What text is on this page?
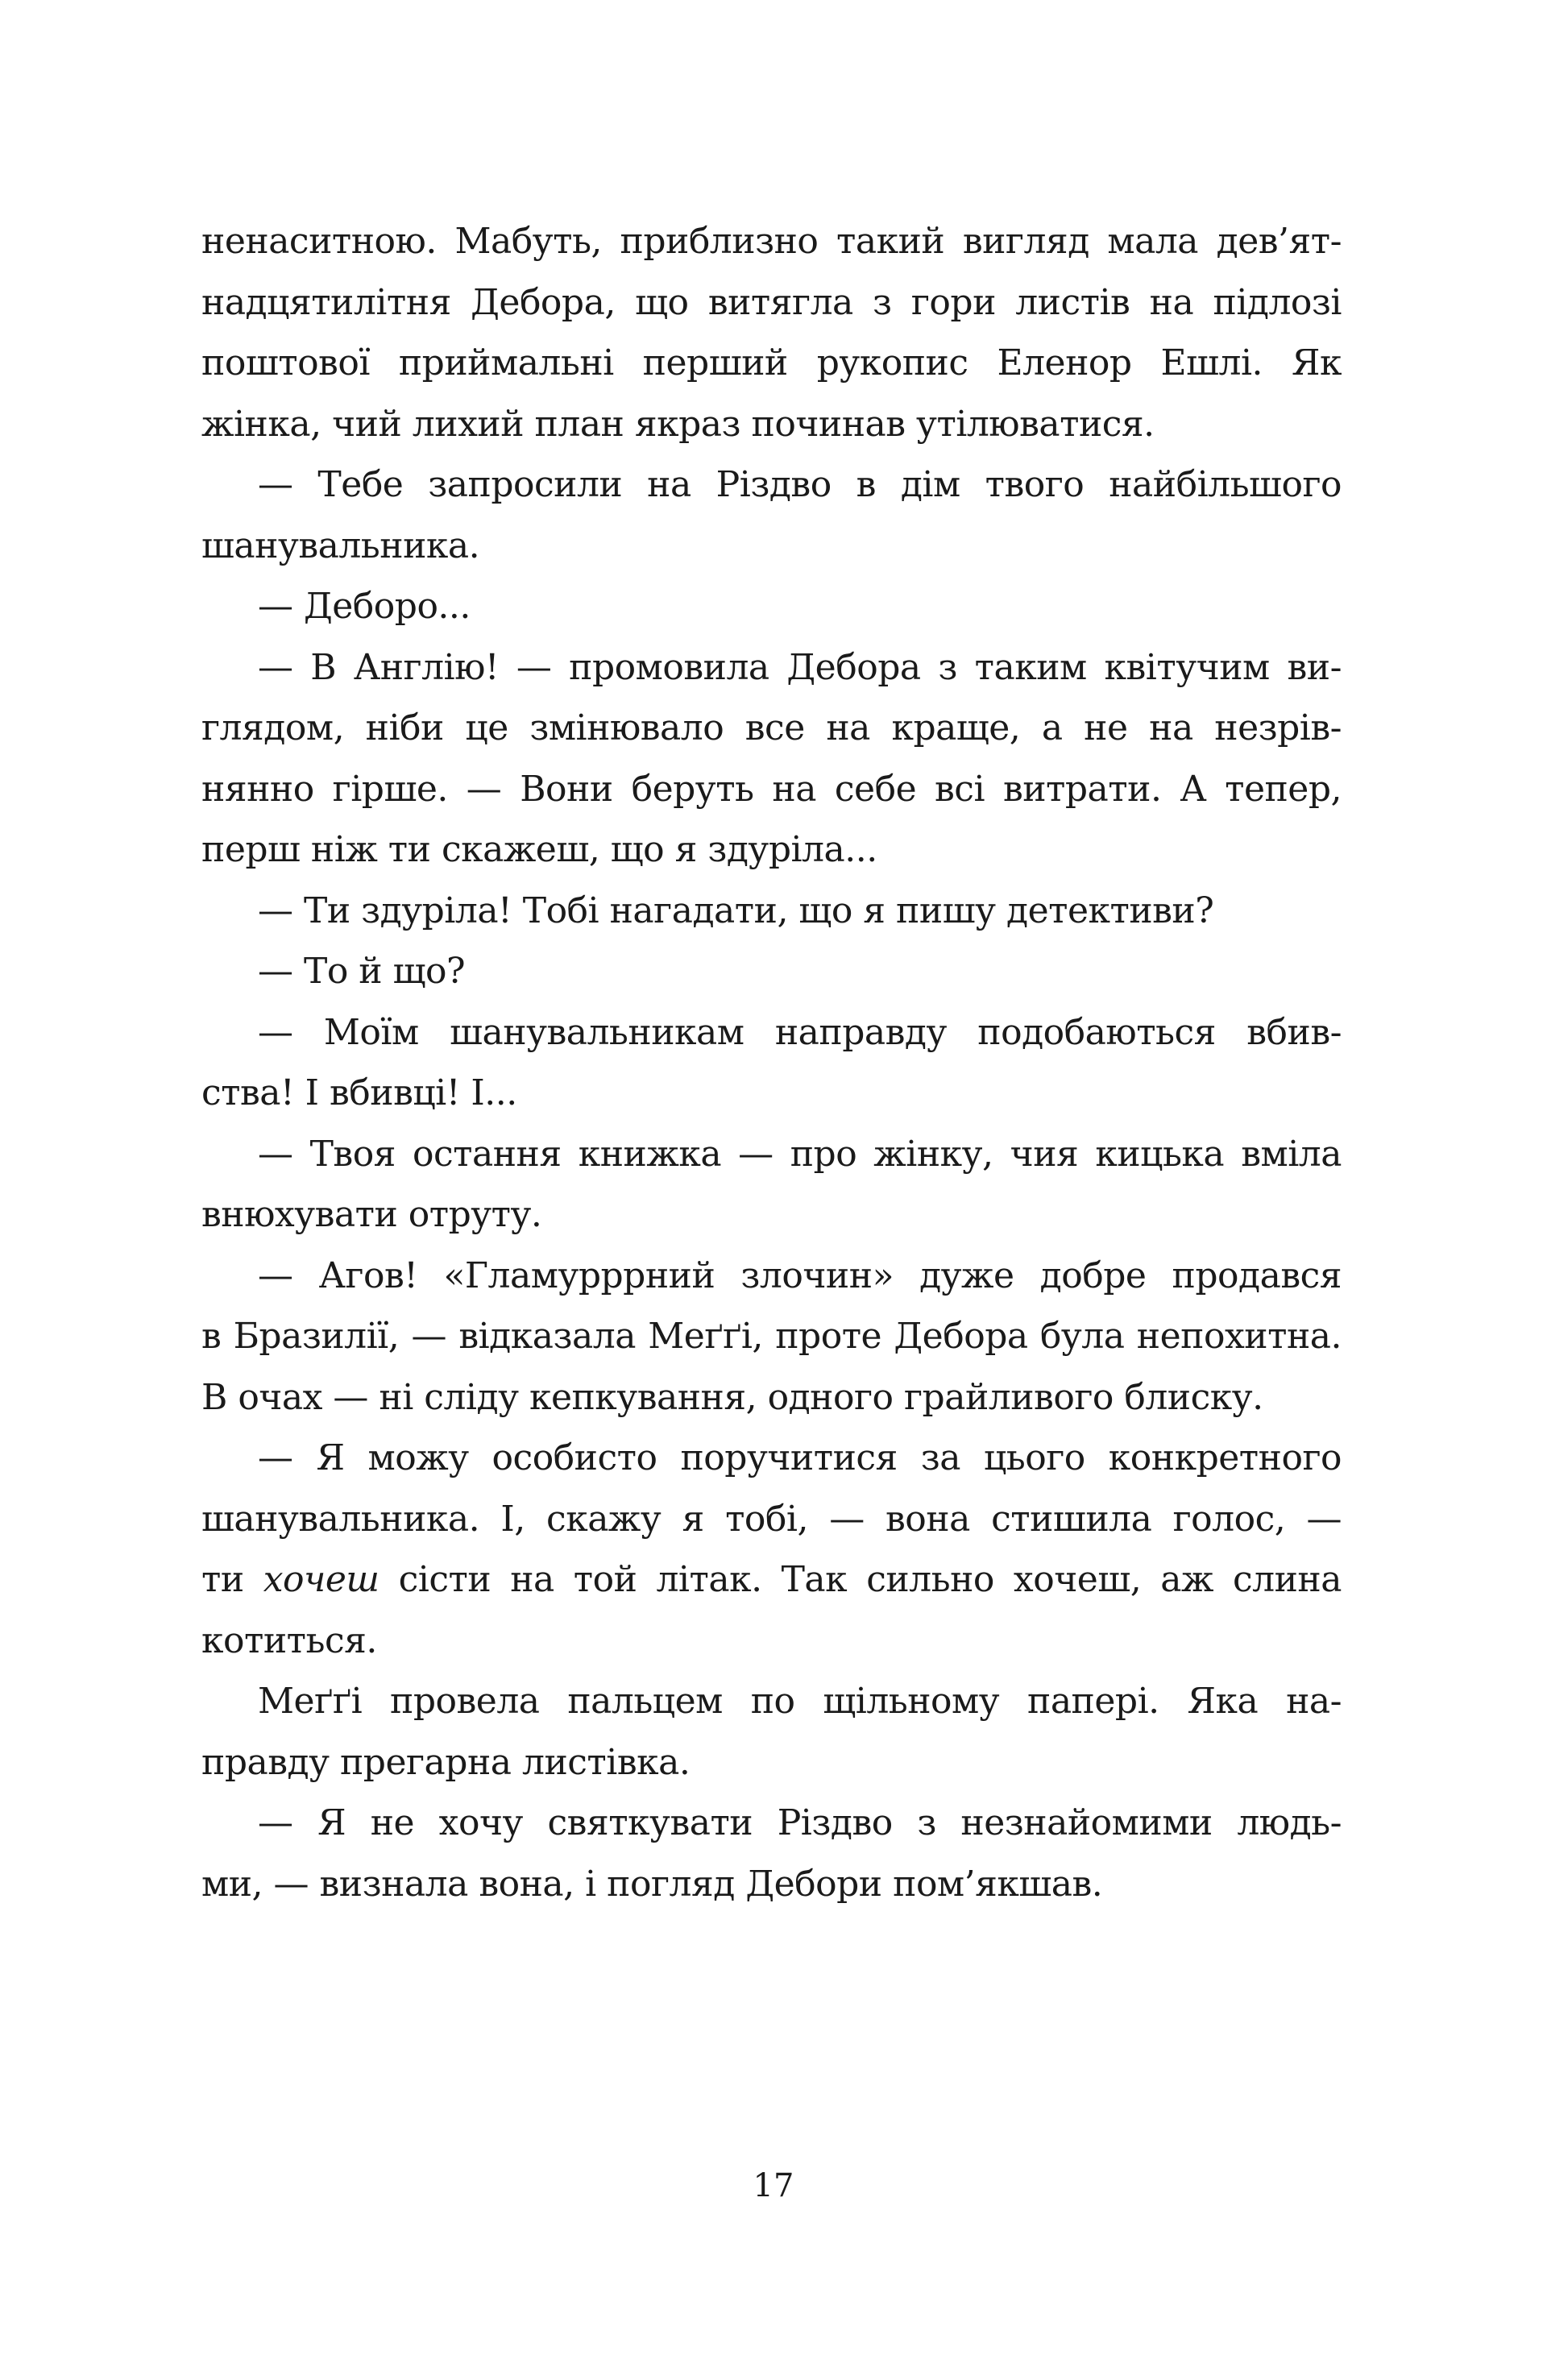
ненаситною. Мабуть, приблизно такий вигляд мала дев’ят-
надцятилітня Дебора, що витягла з гори листів на підлозі
поштової приймальні перший рукопис Еленор Ешлі. Як
жінка, чий лихий план якраз починав утілюватися.
— Тебе запросили на Різдво в дім твого найбільшого
шанувальника.
— Деборо...
— В Англію! — промовила Дебора з таким квітучим ви-
глядом, ніби це змінювало все на краще, а не на незрів-
нянно гірше. — Вони беруть на себе всі витрати. А тепер,
перш ніж ти скажеш, що я здуріла...
— Ти здуріла! Тобі нагадати, що я пишу детективи?
— То й що?
— Моїм шанувальникам направду подобаються вбив-
ства! І вбивці! І...
— Твоя остання книжка — про жінку, чия кицька вміла
внюхувати отруту.
— Агов! «Гламурррний злочин» дуже добре продався
в Бразилії, — відказала Меґґі, проте Дебора була непохитна.
В очах — ні сліду кепкування, одного грайливого блиску.
— Я можу особисто поручитися за цього конкретного
шанувальника. І, скажу я тобі, — вона стишила голос, —
ти хочеш сісти на той літак. Так сильно хочеш, аж слина
котиться.
Меґґі провела пальцем по щільному папері. Яка на-
правду прегарна листівка.
— Я не хочу святкувати Різдво з незнайомими людь-
ми, — визнала вона, і погляд Дебори пом’якшав.
17
